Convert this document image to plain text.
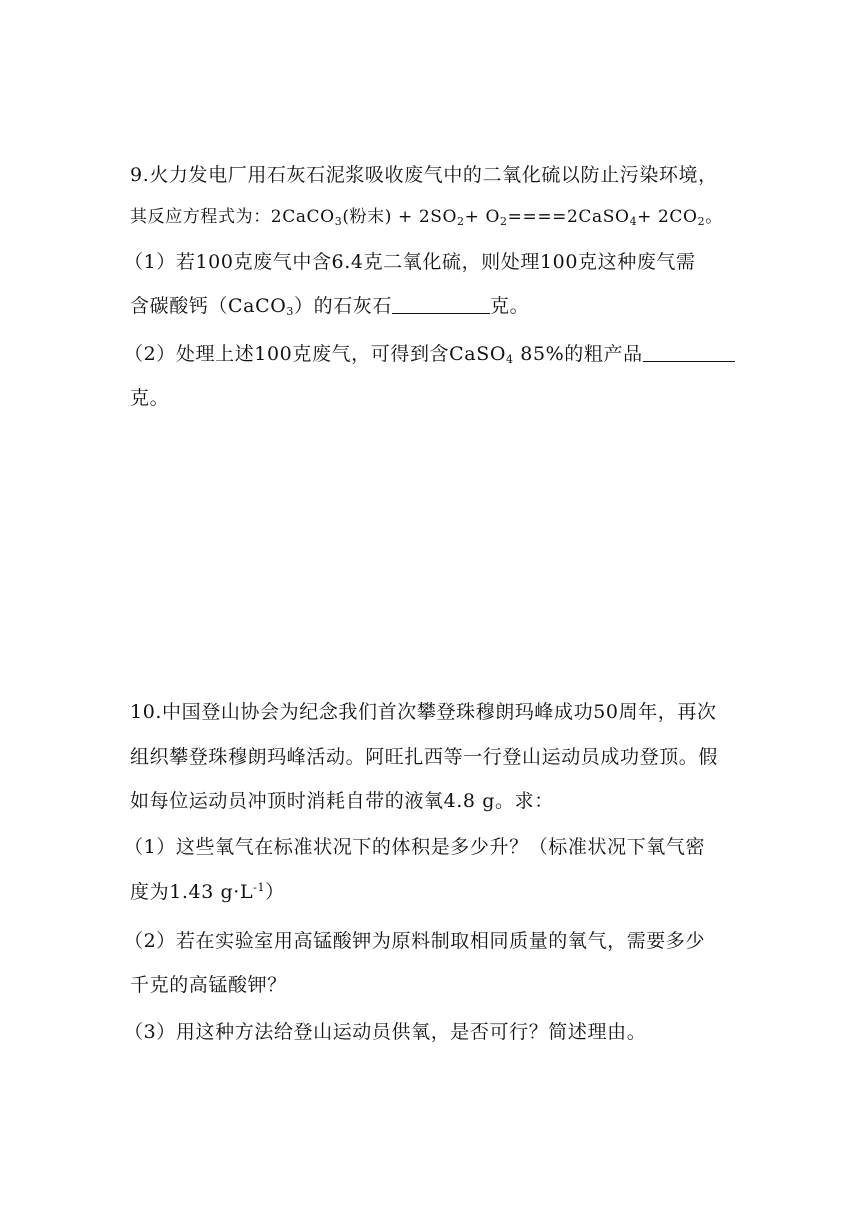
9.火力发电厂用石灰石泥浆吸收废气中的二氧化硫以防止污染环境，
其反应方程式为：2CaCO$_3$(粉末) + $2SO_2+$ $O_2====2CaSO_4+ 2CO_2$。
（1）若100克废气中含6.4克二氧化硫，则处理100克这种废气需
含碳酸钙（CaCO$_3$）的石灰石	克。
（2）处理上述100克废气，可得到含CaSO$_4$ 85%的粗产品
克。
10.中国登山协会为纪念我们首次攀登珠穆朗玛峰成功50周年，再次
组织攀登珠穆朗玛峰活动。阿旺扎西等一行登山运动员成功登顶。假
如每位运动员冲顶时消耗自带的液氧4.8 g。求：
（1）这些氧气在标准状况下的体积是多少升？（标准状况下氧气密
度为1.43 $g\cdot L^{-1}$）
（2）若在实验室用高锰酸钾为原料制取相同质量的氧气，需要多少
千克的高锰酸钾？
（3）用这种方法给登山运动员供氧，是否可行？简述理由。
